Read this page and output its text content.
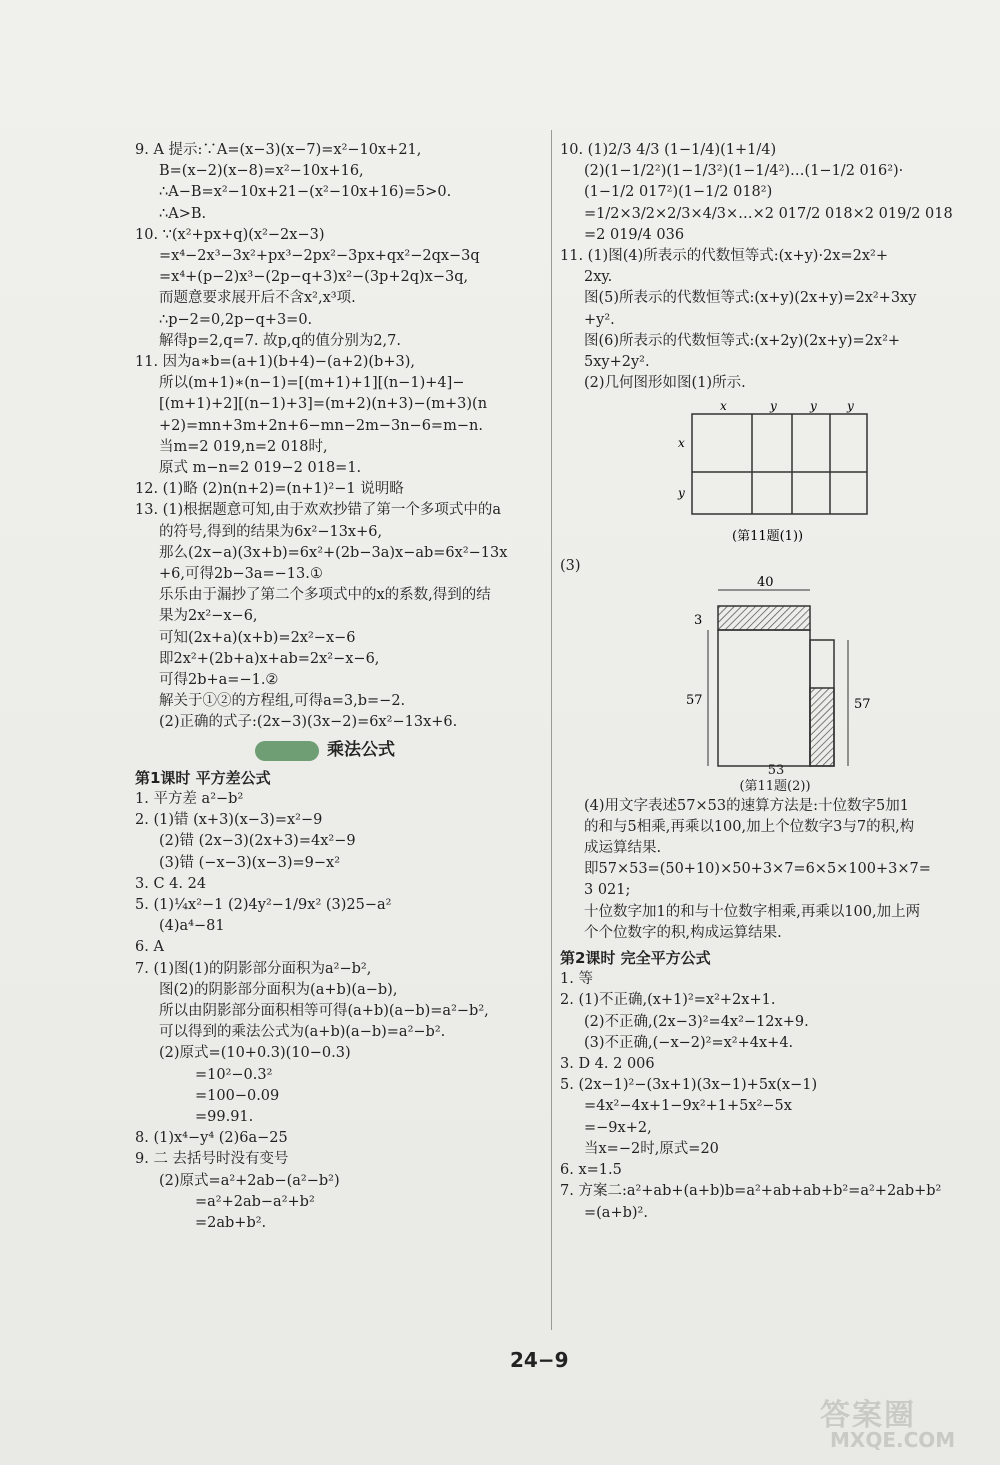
9. A 提示:∵A=(x−3)(x−7)=x²−10x+21,
B=(x−2)(x−8)=x²−10x+16,
∴A−B=x²−10x+21−(x²−10x+16)=5>0.
∴A>B.
10. ∵(x²+px+q)(x²−2x−3)
=x⁴−2x³−3x²+px³−2px²−3px+qx²−2qx−3q
=x⁴+(p−2)x³−(2p−q+3)x²−(3p+2q)x−3q,
而题意要求展开后不含x²,x³项.
∴p−2=0,2p−q+3=0.
解得p=2,q=7. 故p,q的值分别为2,7.
11. 因为a∗b=(a+1)(b+4)−(a+2)(b+3),
所以(m+1)∗(n−1)=[(m+1)+1][(n−1)+4]−
[(m+1)+2][(n−1)+3]=(m+2)(n+3)−(m+3)(n
+2)=mn+3m+2n+6−mn−2m−3n−6=m−n.
当m=2 019,n=2 018时,
原式 m−n=2 019−2 018=1.
12. (1)略 (2)n(n+2)=(n+1)²−1 说明略
13. (1)根据题意可知,由于欢欢抄错了第一个多项式中的a
的符号,得到的结果为6x²−13x+6,
那么(2x−a)(3x+b)=6x²+(2b−3a)x−ab=6x²−13x
+6,可得2b−3a=−13.①
乐乐由于漏抄了第二个多项式中的x的系数,得到的结
果为2x²−x−6,
可知(2x+a)(x+b)=2x²−x−6
即2x²+(2b+a)x+ab=2x²−x−6,
可得2b+a=−1.②
解关于①②的方程组,可得a=3,b=−2.
(2)正确的式子:(2x−3)(3x−2)=6x²−13x+6.
乘法公式
第1课时 平方差公式
1. 平方差 a²−b²
2. (1)错 (x+3)(x−3)=x²−9
(2)错 (2x−3)(2x+3)=4x²−9
(3)错 (−x−3)(x−3)=9−x²
3. C 4. 24
5. (1)¼x²−1 (2)4y²−1/9x² (3)25−a²
(4)a⁴−81
6. A
7. (1)图(1)的阴影部分面积为a²−b²,
图(2)的阴影部分面积为(a+b)(a−b),
所以由阴影部分面积相等可得(a+b)(a−b)=a²−b²,
可以得到的乘法公式为(a+b)(a−b)=a²−b².
(2)原式=(10+0.3)(10−0.3)
=10²−0.3²
=100−0.09
=99.91.
8. (1)x⁴−y⁴ (2)6a−25
9. 二 去括号时没有变号
(2)原式=a²+2ab−(a²−b²)
=a²+2ab−a²+b²
=2ab+b².
10. (1)2/3 4/3 (1−1/4)(1+1/4)
(2)(1−1/2²)(1−1/3²)(1−1/4²)…(1−1/2 016²)·
(1−1/2 017²)(1−1/2 018²)
=1/2×3/2×2/3×4/3×…×2 017/2 018×2 019/2 018
=2 019/4 036
11. (1)图(4)所表示的代数恒等式:(x+y)·2x=2x²+
2xy.
图(5)所表示的代数恒等式:(x+y)(2x+y)=2x²+3xy
+y².
图(6)所表示的代数恒等式:(x+2y)(2x+y)=2x²+
5xy+2y².
(2)几何图形如图(1)所示.
x	y	y	y
x
y
(第11题(1))
(3)
40
3
57	57
53
(第11题(2))
(4)用文字表述57×53的速算方法是:十位数字5加1
的和与5相乘,再乘以100,加上个位数字3与7的积,构
成运算结果.
即57×53=(50+10)×50+3×7=6×5×100+3×7=
3 021;
十位数字加1的和与十位数字相乘,再乘以100,加上两
个个位数字的积,构成运算结果.
第2课时 完全平方公式
1. 等
2. (1)不正确,(x+1)²=x²+2x+1.
(2)不正确,(2x−3)²=4x²−12x+9.
(3)不正确,(−x−2)²=x²+4x+4.
3. D 4. 2 006
5. (2x−1)²−(3x+1)(3x−1)+5x(x−1)
=4x²−4x+1−9x²+1+5x²−5x
=−9x+2,
当x=−2时,原式=20
6. x=1.5
7. 方案二:a²+ab+(a+b)b=a²+ab+ab+b²=a²+2ab+b²
=(a+b)².
24−9
答案圈
MXQE.COM
